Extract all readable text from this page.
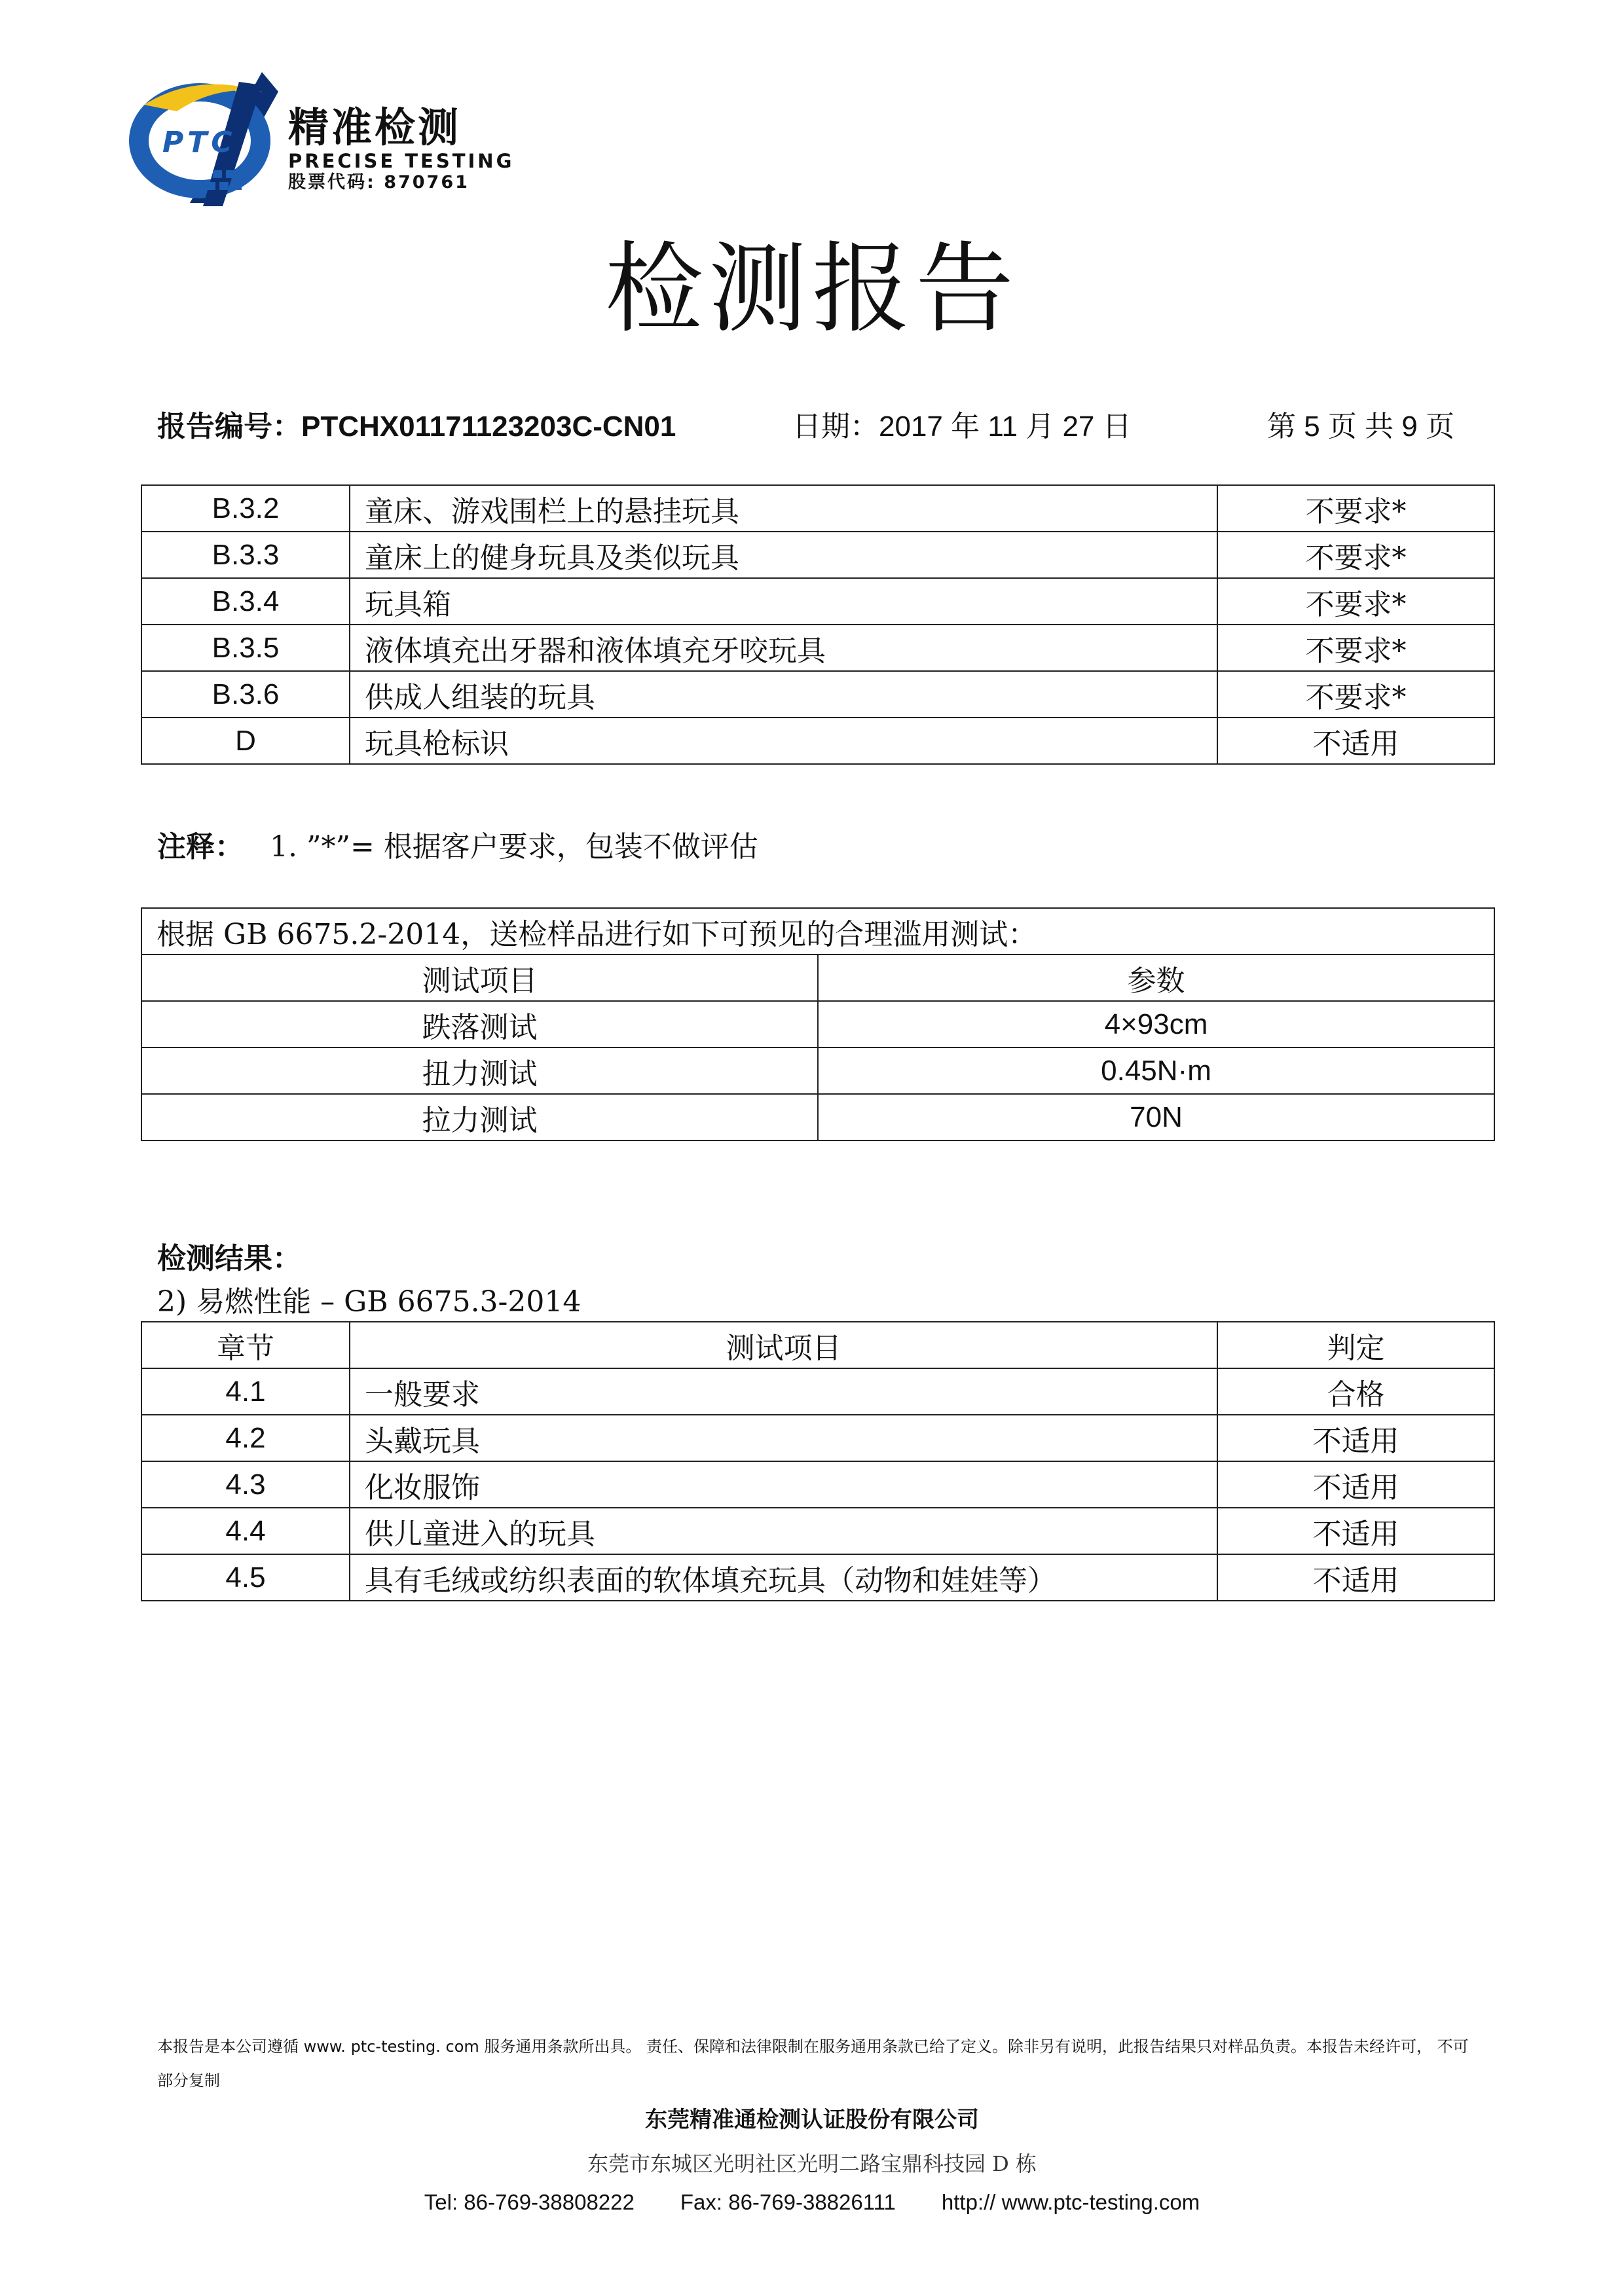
PTC 精准检测
PRECISE TESTING
股票代码: 870761
检测报告
报告编号：PTCHX01171123203C-CN01	日期：2017 年 11 月 27 日	第 5 页 共 9 页
B.3.2	童床、游戏围栏上的悬挂玩具	不要求*
B.3.3	童床上的健身玩具及类似玩具	不要求*
B.3.4	玩具箱	不要求*
B.3.5	液体填充出牙器和液体填充牙咬玩具	不要求*
B.3.6	供成人组装的玩具	不要求*
D	玩具枪标识	不适用
注释： 1. ”*”= 根据客户要求，包装不做评估
根据 GB 6675.2-2014，送检样品进行如下可预见的合理滥用测试：	
测试项目	参数
跌落测试	4×93cm
扭力测试	0.45N·m
拉力测试	70N
检测结果：
2) 易燃性能 – GB 6675.3-2014
章节	测试项目	判定
4.1	一般要求	合格
4.2	头戴玩具	不适用
4.3	化妆服饰	不适用
4.4	供儿童进入的玩具	不适用
4.5	具有毛绒或纺织表面的软体填充玩具（动物和娃娃等）	不适用
本报告是本公司遵循 www. ptc-testing. com 服务通用条款所出具。 责任、保障和法律限制在服务通用条款已给了定义。除非另有说明，此报告结果只对样品负责。本报告未经许可， 不可部分复制
东莞精准通检测认证股份有限公司
东莞市东城区光明社区光明二路宝鼎科技园 D 栋
Tel: 86-769-38808222 Fax: 86-769-38826111 http:// www.ptc-testing.com
